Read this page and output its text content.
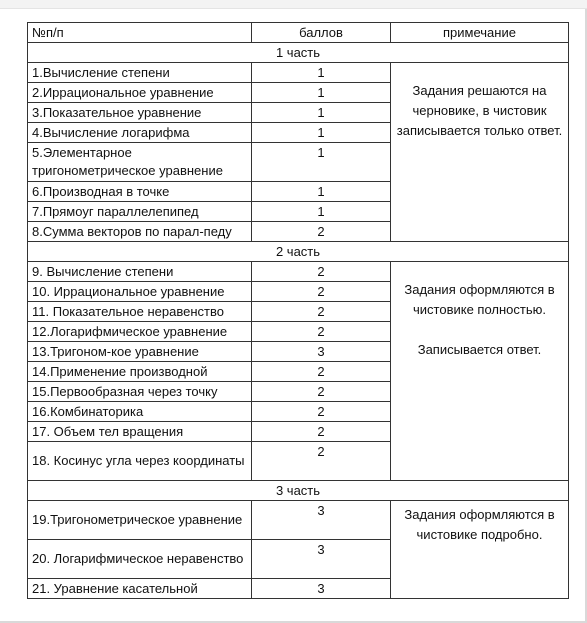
№п/п	баллов	примечание
1 часть		
1.Вычисление степени	1	Задания решаются на черновике, в чистовик записывается только ответ.
2.Иррациональное уравнение	1	
3.Показательное уравнение	1	
4.Вычисление логарифма	1	
5.Элементарное тригонометрическое уравнение	1	
6.Производная в точке	1	
7.Прямоуг параллелепипед	1	
8.Сумма векторов по парал-педу	2	
2 часть		
9. Вычисление степени	2	Задания оформляются в чистовике полностью.

Записывается ответ.
10. Иррациональное уравнение	2	
11. Показательное неравенство	2	
12.Логарифмическое уравнение	2	
13.Тригоном-кое уравнение	3	
14.Применение производной	2	
15.Первообразная через точку	2	
16.Комбинаторика	2	
17. Объем тел вращения	2	
18. Косинус угла через координаты	2	
3 часть		
19.Тригонометрическое уравнение	3	Задания оформляются в чистовике подробно.
20. Логарифмическое неравенство	3	
21. Уравнение касательной	3	
